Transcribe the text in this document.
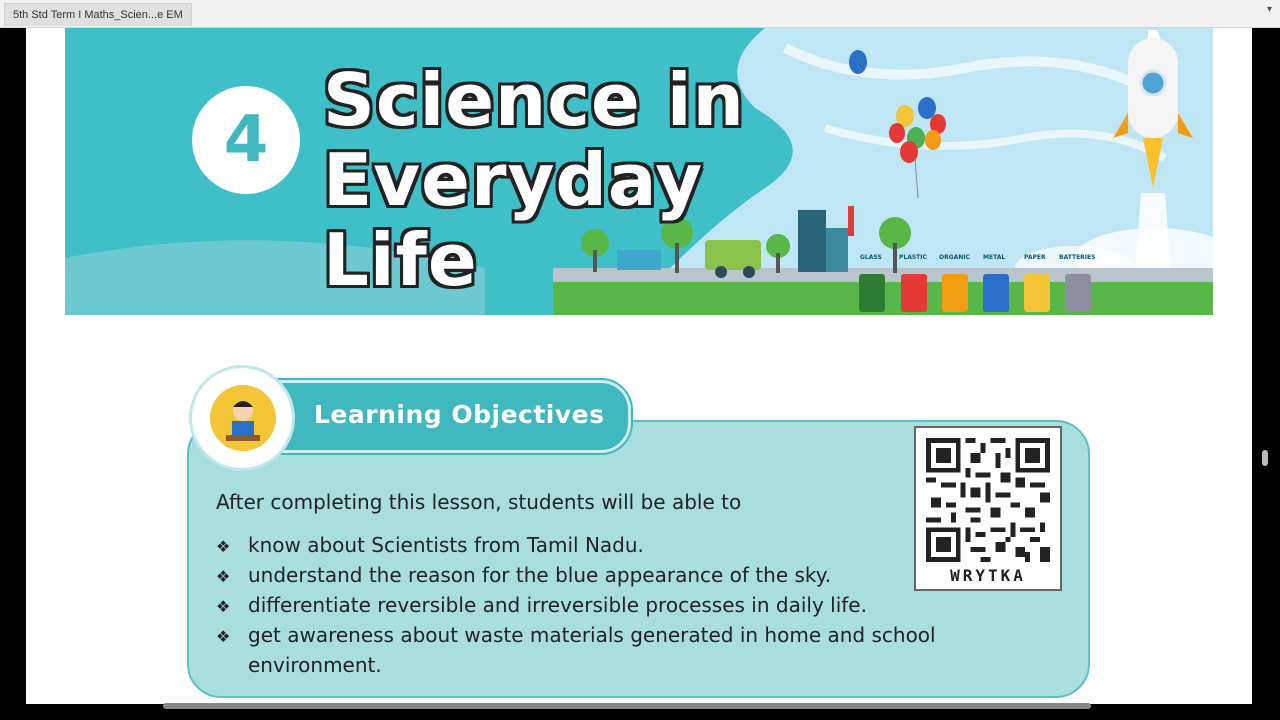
5th Std Term I Maths_Scien...e EM	▾
4 Science in
Everyday
Life	GLASS	PLASTIC ORGANIC METAL	PAPER BATTERIES
Learning Objectives
After completing this lesson, students will be able to
❖ know about Scientists from Tamil Nadu.
❖ understand the reason for the blue appearance of the sky.
❖ differentiate reversible and irreversible processes in daily life.
❖ get awareness about waste materials generated in home and school
environment.
WRYTKA
